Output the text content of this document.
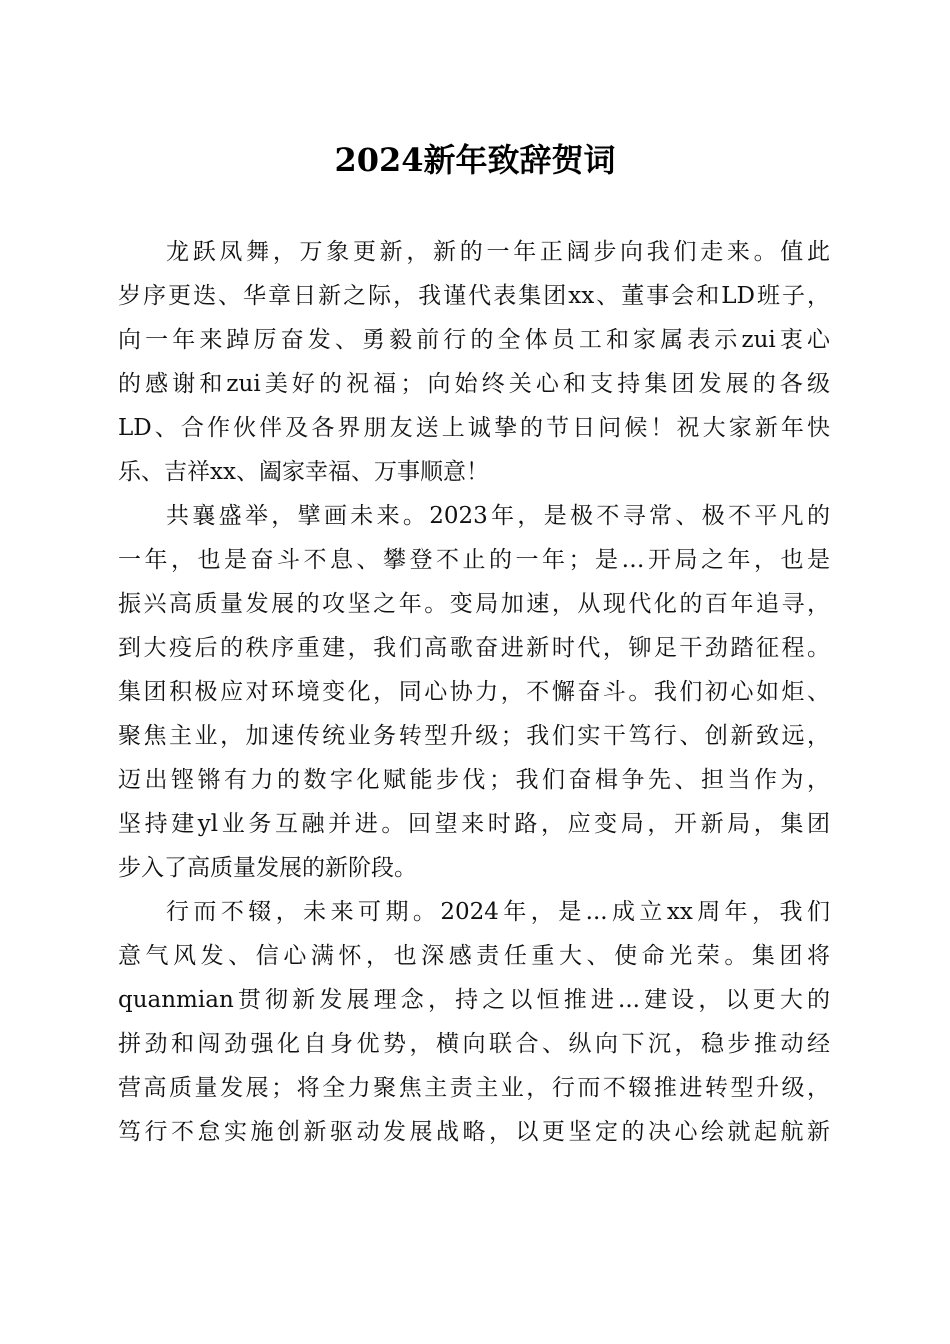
2024新年致辞贺词
龙跃凤舞，万象更新，新的一年正阔步向我们走来。值此
岁序更迭、华章日新之际，我谨代表集团xx、董事会和LD班子，
向一年来踔厉奋发、勇毅前行的全体员工和家属表示zui衷心
的感谢和zui美好的祝福；向始终关心和支持集团发展的各级
LD、合作伙伴及各界朋友送上诚挚的节日问候！祝大家新年快
乐、吉祥xx、阖家幸福、万事顺意！
共襄盛举，擘画未来。2023年，是极不寻常、极不平凡的
一年，也是奋斗不息、攀登不止的一年；是…开局之年，也是
振兴高质量发展的攻坚之年。变局加速，从现代化的百年追寻，
到大疫后的秩序重建，我们高歌奋进新时代，铆足干劲踏征程。
集团积极应对环境变化，同心协力，不懈奋斗。我们初心如炬、
聚焦主业，加速传统业务转型升级；我们实干笃行、创新致远，
迈出铿锵有力的数字化赋能步伐；我们奋楫争先、担当作为，
坚持建yl业务互融并进。回望来时路，应变局，开新局，集团
步入了高质量发展的新阶段。
行而不辍，未来可期。2024年，是...成立xx周年，我们
意气风发、信心满怀，也深感责任重大、使命光荣。集团将
quanmian贯彻新发展理念，持之以恒推进...建设，以更大的
拼劲和闯劲强化自身优势，横向联合、纵向下沉，稳步推动经
营高质量发展；将全力聚焦主责主业，行而不辍推进转型升级，
笃行不怠实施创新驱动发展战略，以更坚定的决心绘就起航新
